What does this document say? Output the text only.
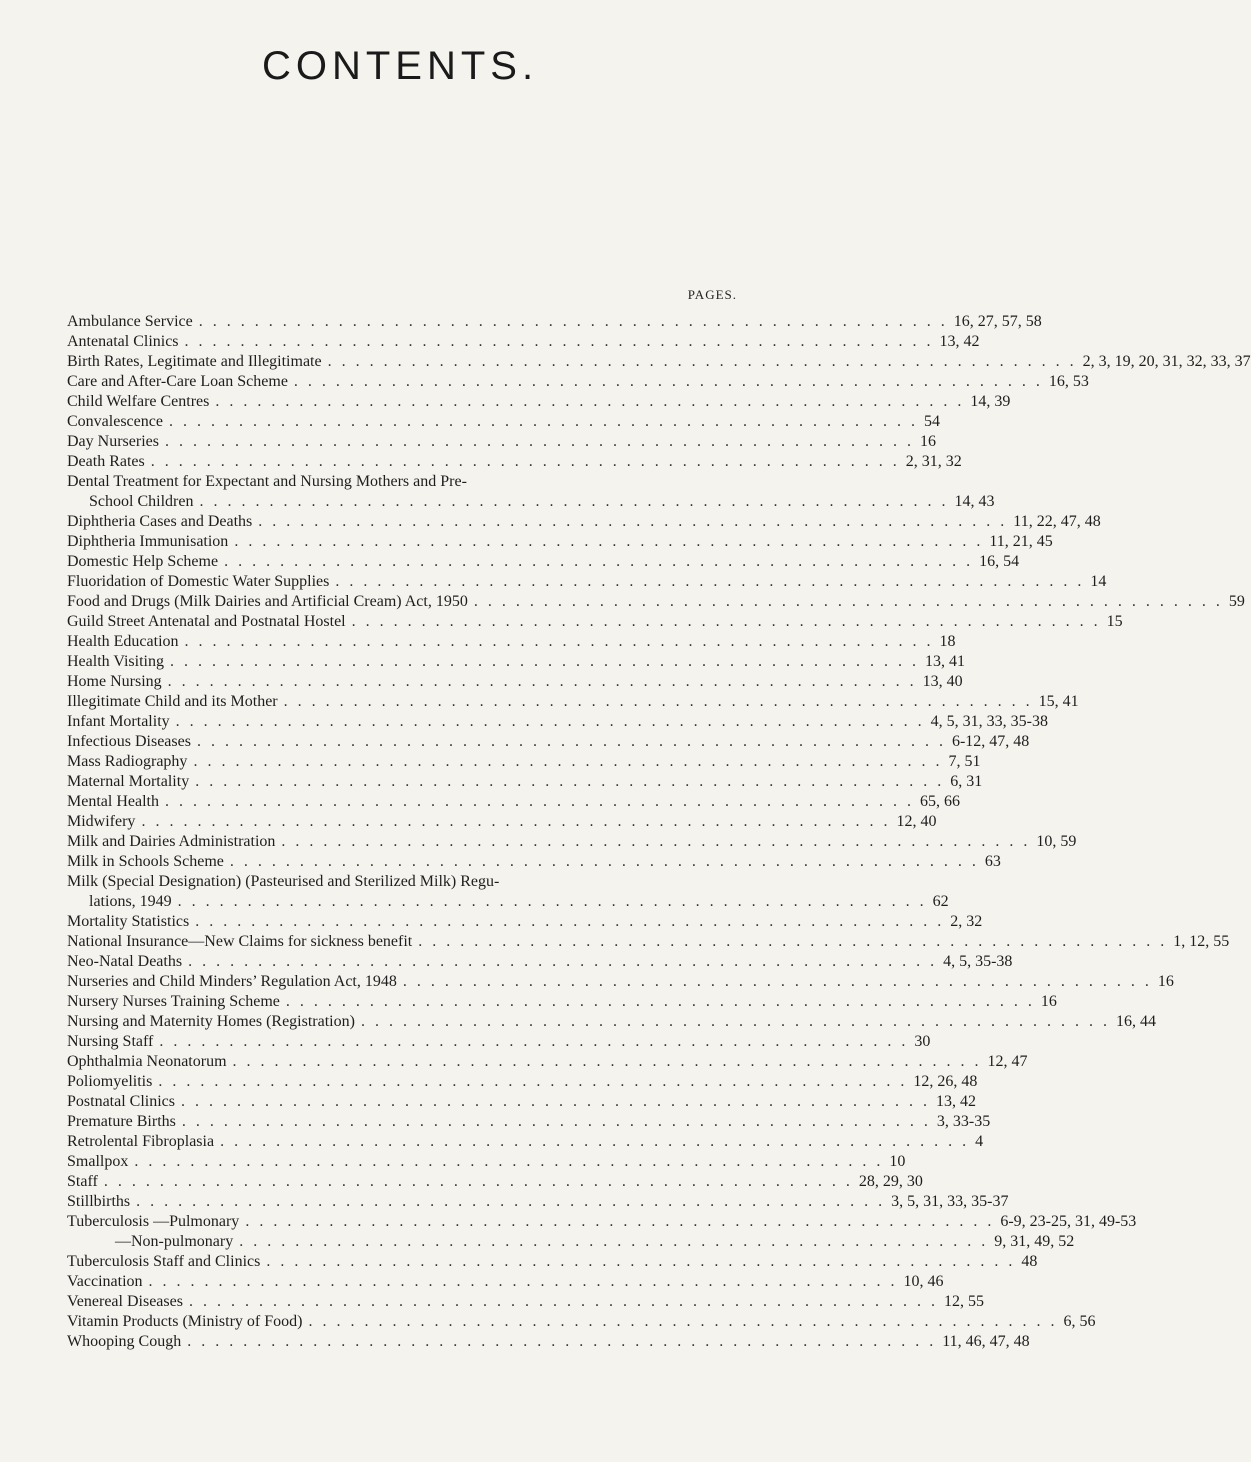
CONTENTS.
PAGES.
Ambulance Service . . . . . . . . . . . . . . . . . . . . . . . . . . . . . . . . . . . . . . . . . . . . . . . . . . . . . . 16, 27, 57, 58
Antenatal Clinics . . . . . . . . . . . . . . . . . . . . . . . . . . . . . . . . . . . . . . . . . . . . . . . . . . . . . . 13, 42
Birth Rates, Legitimate and Illegitimate . . . . . . . . . . . . . . . . . . . . . . . . . . . . . . . . . . . . . . . . . . . . . . . . . . . . . . 2, 3, 19, 20, 31, 32, 33, 37
Care and After-Care Loan Scheme . . . . . . . . . . . . . . . . . . . . . . . . . . . . . . . . . . . . . . . . . . . . . . . . . . . . . . 16, 53
Child Welfare Centres . . . . . . . . . . . . . . . . . . . . . . . . . . . . . . . . . . . . . . . . . . . . . . . . . . . . . . 14, 39
Convalescence . . . . . . . . . . . . . . . . . . . . . . . . . . . . . . . . . . . . . . . . . . . . . . . . . . . . . . 54
Day Nurseries . . . . . . . . . . . . . . . . . . . . . . . . . . . . . . . . . . . . . . . . . . . . . . . . . . . . . . 16
Death Rates . . . . . . . . . . . . . . . . . . . . . . . . . . . . . . . . . . . . . . . . . . . . . . . . . . . . . . 2, 31, 32
Dental Treatment for Expectant and Nursing Mothers and Pre-
School Children . . . . . . . . . . . . . . . . . . . . . . . . . . . . . . . . . . . . . . . . . . . . . . . . . . . . . . 14, 43
Diphtheria Cases and Deaths . . . . . . . . . . . . . . . . . . . . . . . . . . . . . . . . . . . . . . . . . . . . . . . . . . . . . . 11, 22, 47, 48
Diphtheria Immunisation . . . . . . . . . . . . . . . . . . . . . . . . . . . . . . . . . . . . . . . . . . . . . . . . . . . . . . 11, 21, 45
Domestic Help Scheme . . . . . . . . . . . . . . . . . . . . . . . . . . . . . . . . . . . . . . . . . . . . . . . . . . . . . . 16, 54
Fluoridation of Domestic Water Supplies . . . . . . . . . . . . . . . . . . . . . . . . . . . . . . . . . . . . . . . . . . . . . . . . . . . . . . 14
Food and Drugs (Milk Dairies and Artificial Cream) Act, 1950 . . . . . . . . . . . . . . . . . . . . . . . . . . . . . . . . . . . . . . . . . . . . . . . . . . . . . . 59
Guild Street Antenatal and Postnatal Hostel . . . . . . . . . . . . . . . . . . . . . . . . . . . . . . . . . . . . . . . . . . . . . . . . . . . . . . 15
Health Education . . . . . . . . . . . . . . . . . . . . . . . . . . . . . . . . . . . . . . . . . . . . . . . . . . . . . . 18
Health Visiting . . . . . . . . . . . . . . . . . . . . . . . . . . . . . . . . . . . . . . . . . . . . . . . . . . . . . . 13, 41
Home Nursing . . . . . . . . . . . . . . . . . . . . . . . . . . . . . . . . . . . . . . . . . . . . . . . . . . . . . . 13, 40
Illegitimate Child and its Mother . . . . . . . . . . . . . . . . . . . . . . . . . . . . . . . . . . . . . . . . . . . . . . . . . . . . . . 15, 41
Infant Mortality . . . . . . . . . . . . . . . . . . . . . . . . . . . . . . . . . . . . . . . . . . . . . . . . . . . . . . 4, 5, 31, 33, 35-38
Infectious Diseases . . . . . . . . . . . . . . . . . . . . . . . . . . . . . . . . . . . . . . . . . . . . . . . . . . . . . . 6-12, 47, 48
Mass Radiography . . . . . . . . . . . . . . . . . . . . . . . . . . . . . . . . . . . . . . . . . . . . . . . . . . . . . . 7, 51
Maternal Mortality . . . . . . . . . . . . . . . . . . . . . . . . . . . . . . . . . . . . . . . . . . . . . . . . . . . . . . 6, 31
Mental Health . . . . . . . . . . . . . . . . . . . . . . . . . . . . . . . . . . . . . . . . . . . . . . . . . . . . . . 65, 66
Midwifery . . . . . . . . . . . . . . . . . . . . . . . . . . . . . . . . . . . . . . . . . . . . . . . . . . . . . . 12, 40
Milk and Dairies Administration . . . . . . . . . . . . . . . . . . . . . . . . . . . . . . . . . . . . . . . . . . . . . . . . . . . . . . 10, 59
Milk in Schools Scheme . . . . . . . . . . . . . . . . . . . . . . . . . . . . . . . . . . . . . . . . . . . . . . . . . . . . . . 63
Milk (Special Designation) (Pasteurised and Sterilized Milk) Regu-
lations, 1949 . . . . . . . . . . . . . . . . . . . . . . . . . . . . . . . . . . . . . . . . . . . . . . . . . . . . . . 62
Mortality Statistics . . . . . . . . . . . . . . . . . . . . . . . . . . . . . . . . . . . . . . . . . . . . . . . . . . . . . . 2, 32
National Insurance—New Claims for sickness benefit . . . . . . . . . . . . . . . . . . . . . . . . . . . . . . . . . . . . . . . . . . . . . . . . . . . . . . 1, 12, 55
Neo-Natal Deaths . . . . . . . . . . . . . . . . . . . . . . . . . . . . . . . . . . . . . . . . . . . . . . . . . . . . . . 4, 5, 35-38
Nurseries and Child Minders’ Regulation Act, 1948 . . . . . . . . . . . . . . . . . . . . . . . . . . . . . . . . . . . . . . . . . . . . . . . . . . . . . . 16
Nursery Nurses Training Scheme . . . . . . . . . . . . . . . . . . . . . . . . . . . . . . . . . . . . . . . . . . . . . . . . . . . . . . 16
Nursing and Maternity Homes (Registration) . . . . . . . . . . . . . . . . . . . . . . . . . . . . . . . . . . . . . . . . . . . . . . . . . . . . . . 16, 44
Nursing Staff . . . . . . . . . . . . . . . . . . . . . . . . . . . . . . . . . . . . . . . . . . . . . . . . . . . . . . 30
Ophthalmia Neonatorum . . . . . . . . . . . . . . . . . . . . . . . . . . . . . . . . . . . . . . . . . . . . . . . . . . . . . . 12, 47
Poliomyelitis . . . . . . . . . . . . . . . . . . . . . . . . . . . . . . . . . . . . . . . . . . . . . . . . . . . . . . 12, 26, 48
Postnatal Clinics . . . . . . . . . . . . . . . . . . . . . . . . . . . . . . . . . . . . . . . . . . . . . . . . . . . . . . 13, 42
Premature Births . . . . . . . . . . . . . . . . . . . . . . . . . . . . . . . . . . . . . . . . . . . . . . . . . . . . . . 3, 33-35
Retrolental Fibroplasia . . . . . . . . . . . . . . . . . . . . . . . . . . . . . . . . . . . . . . . . . . . . . . . . . . . . . . 4
Smallpox . . . . . . . . . . . . . . . . . . . . . . . . . . . . . . . . . . . . . . . . . . . . . . . . . . . . . . 10
Staff . . . . . . . . . . . . . . . . . . . . . . . . . . . . . . . . . . . . . . . . . . . . . . . . . . . . . . 28, 29, 30
Stillbirths . . . . . . . . . . . . . . . . . . . . . . . . . . . . . . . . . . . . . . . . . . . . . . . . . . . . . . 3, 5, 31, 33, 35-37
Tuberculosis —Pulmonary . . . . . . . . . . . . . . . . . . . . . . . . . . . . . . . . . . . . . . . . . . . . . . . . . . . . . . 6-9, 23-25, 31, 49-53
—Non-pulmonary . . . . . . . . . . . . . . . . . . . . . . . . . . . . . . . . . . . . . . . . . . . . . . . . . . . . . . 9, 31, 49, 52
Tuberculosis Staff and Clinics . . . . . . . . . . . . . . . . . . . . . . . . . . . . . . . . . . . . . . . . . . . . . . . . . . . . . . 48
Vaccination . . . . . . . . . . . . . . . . . . . . . . . . . . . . . . . . . . . . . . . . . . . . . . . . . . . . . . 10, 46
Venereal Diseases . . . . . . . . . . . . . . . . . . . . . . . . . . . . . . . . . . . . . . . . . . . . . . . . . . . . . . 12, 55
Vitamin Products (Ministry of Food) . . . . . . . . . . . . . . . . . . . . . . . . . . . . . . . . . . . . . . . . . . . . . . . . . . . . . . 6, 56
Whooping Cough . . . . . . . . . . . . . . . . . . . . . . . . . . . . . . . . . . . . . . . . . . . . . . . . . . . . . . 11, 46, 47, 48
